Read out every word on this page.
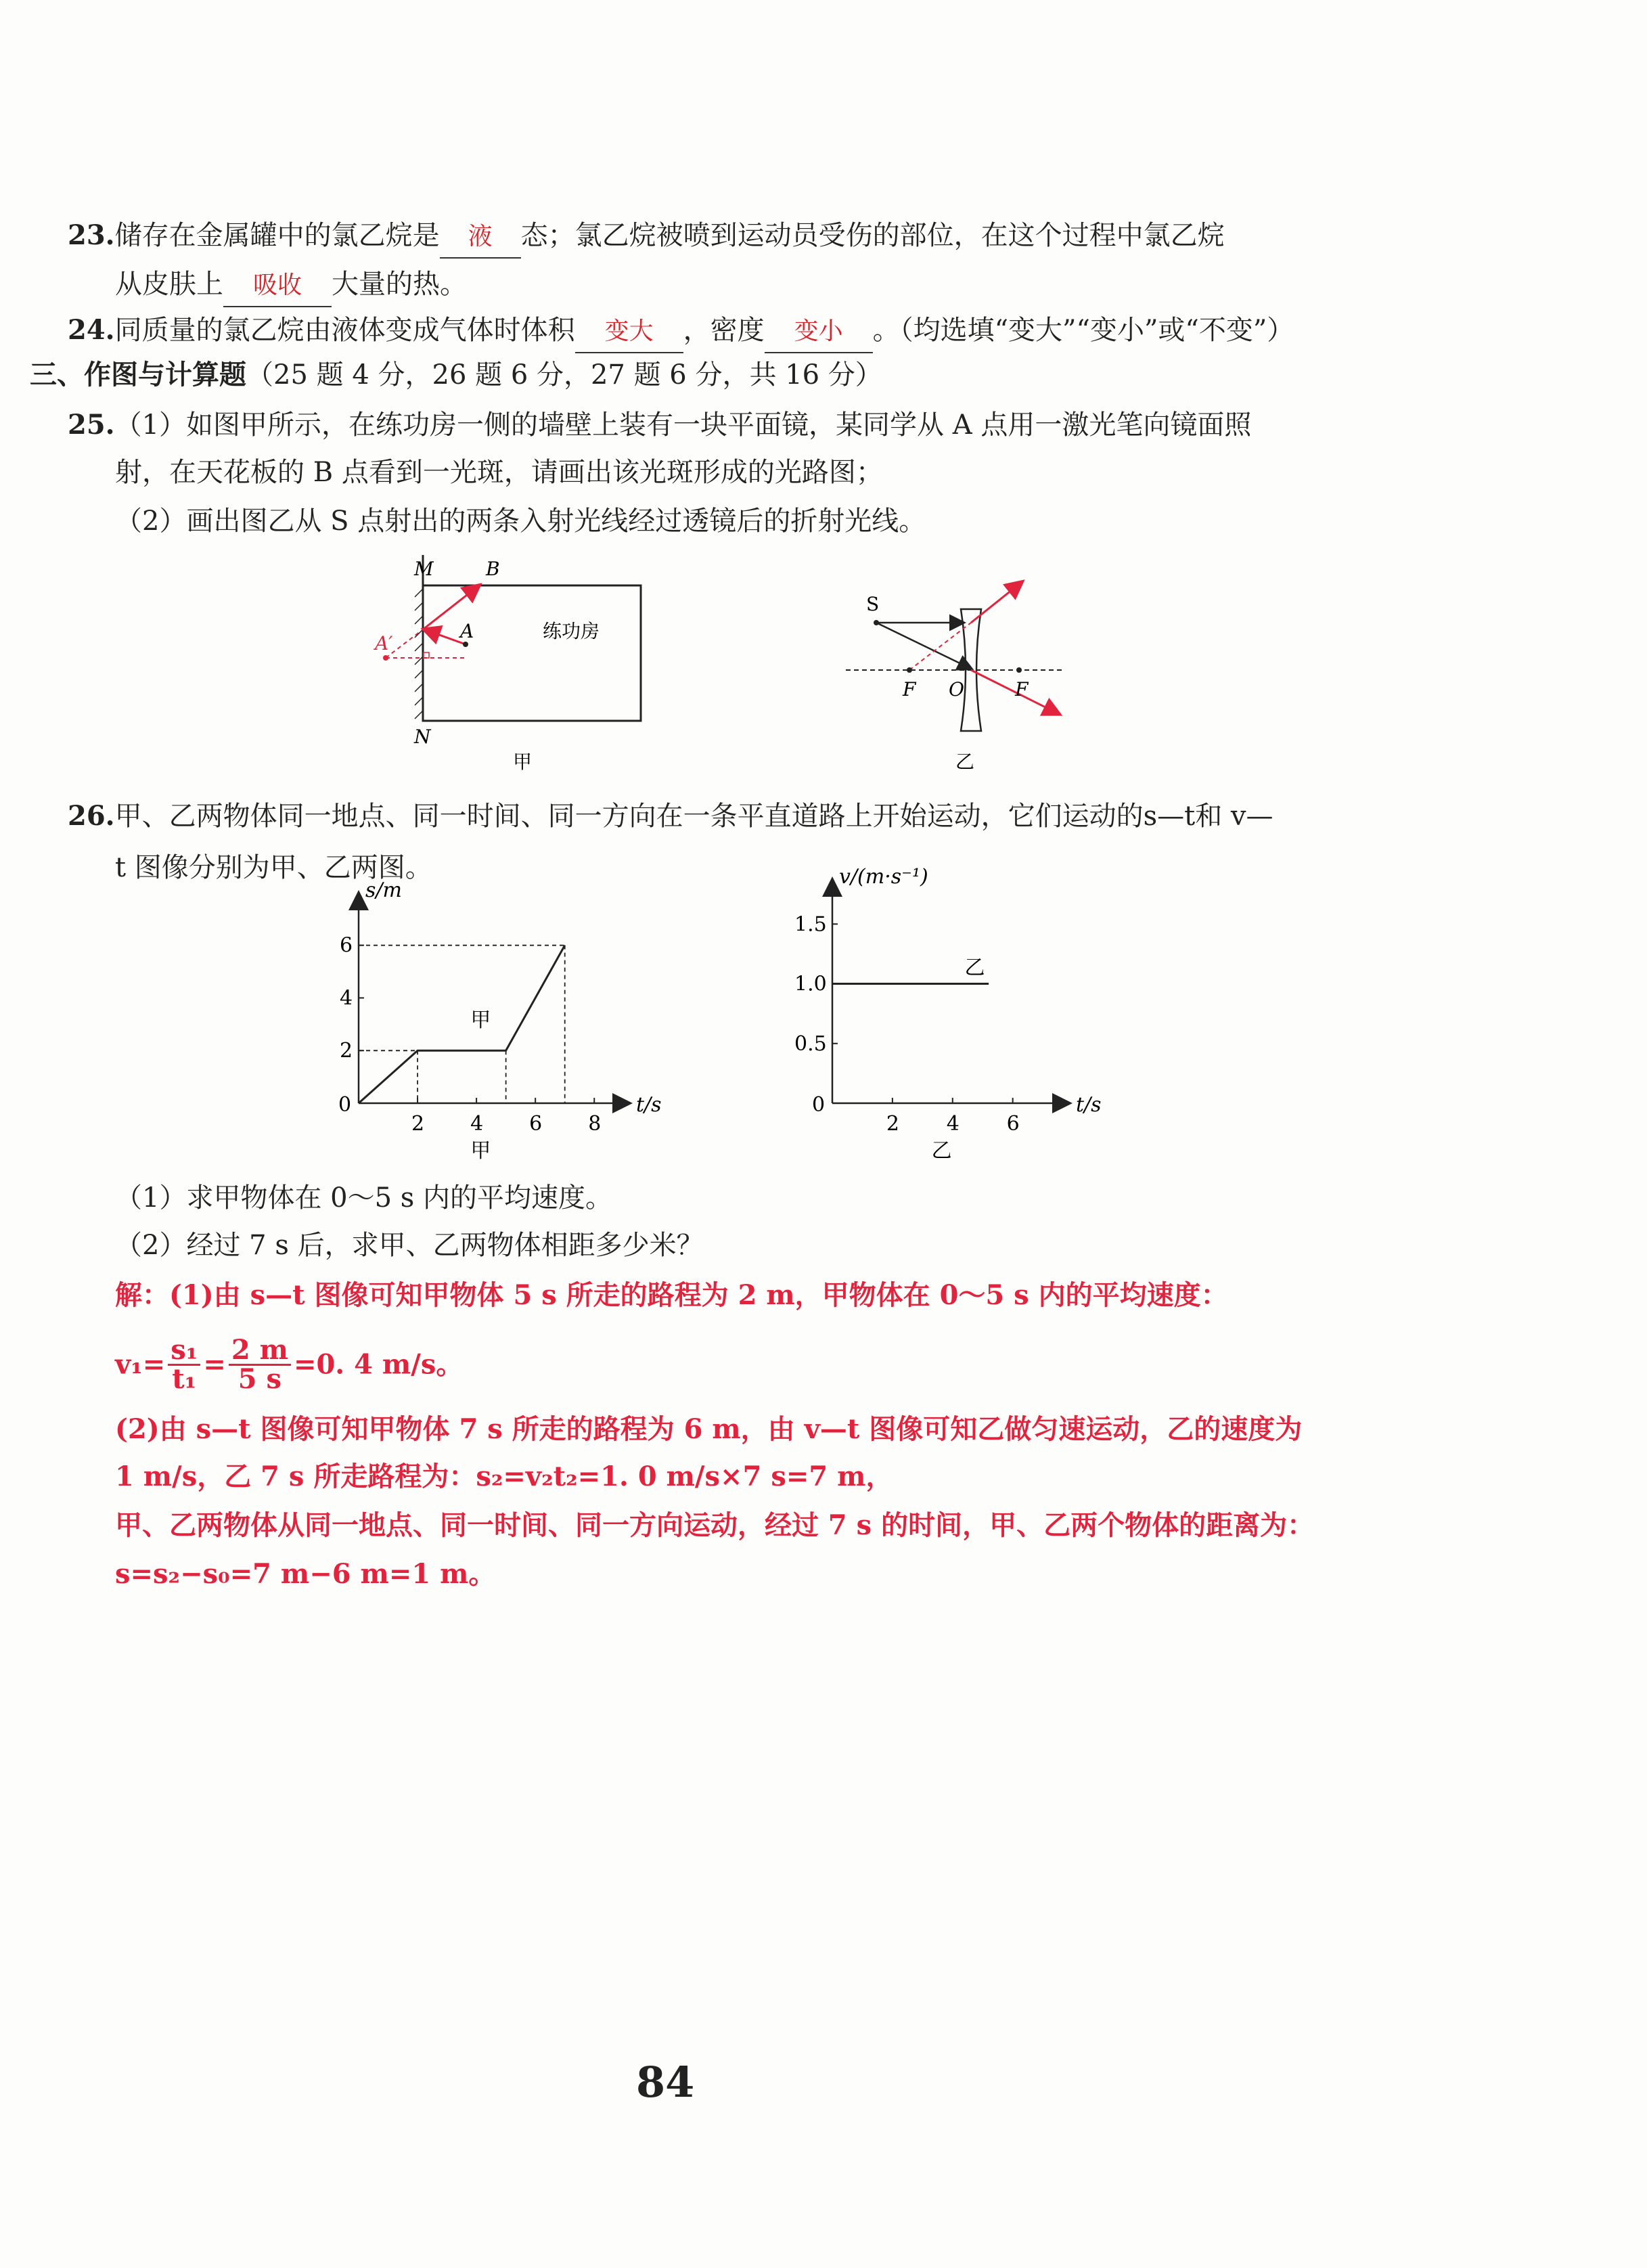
23.储存在金属罐中的氯乙烷是 液 态；氯乙烷被喷到运动员受伤的部位，在这个过程中氯乙烷
从皮肤上 吸收 大量的热。
24.同质量的氯乙烷由液体变成气体时体积 变大 ，密度 变小 。（均选填“变大”“变小”或“不变”）
三、作图与计算题（25 题 4 分，26 题 6 分，27 题 6 分，共 16 分）
25.（1）如图甲所示，在练功房一侧的墙壁上装有一块平面镜，某同学从 A 点用一激光笔向镜面照
射，在天花板的 B 点看到一光斑，请画出该光斑形成的光路图；
（2）画出图乙从 S 点射出的两条入射光线经过透镜后的折射光线。
M	B
A′
A	练功房
N
甲
S
F O	F
乙
26.甲、乙两物体同一地点、同一时间、同一方向在一条平直道路上开始运动，它们运动的s—t和 v—
t 图像分别为甲、乙两图。
t/s
s/m
0
2 4 6 8
2
4
6
甲
甲
t/s
v/(m·s⁻¹)
0
2 4 6
0.5
1.0
1.5
乙
乙
（1）求甲物体在 0～5 s 内的平均速度。
（2）经过 7 s 后，求甲、乙两物体相距多少米？
解：(1)由 s—t 图像可知甲物体 5 s 所走的路程为 2 m，甲物体在 0～5 s 内的平均速度：
$v_1= \frac{\text{s₁}}{\text{t₁}} = \frac{2 m}{5 s} =0$. 4 m/s。
(2)由 s—t 图像可知甲物体 7 s 所走的路程为 6 m，由 v—t 图像可知乙做匀速运动，乙的速度为
1 m/s，乙 7 s 所走路程为：s₂=v₂t₂=1. 0 m/s×7 s=7 m，
甲、乙两物体从同一地点、同一时间、同一方向运动，经过 7 s 的时间，甲、乙两个物体的距离为：
s=s₂−s₀=7 m−6 m=1 m。
84
